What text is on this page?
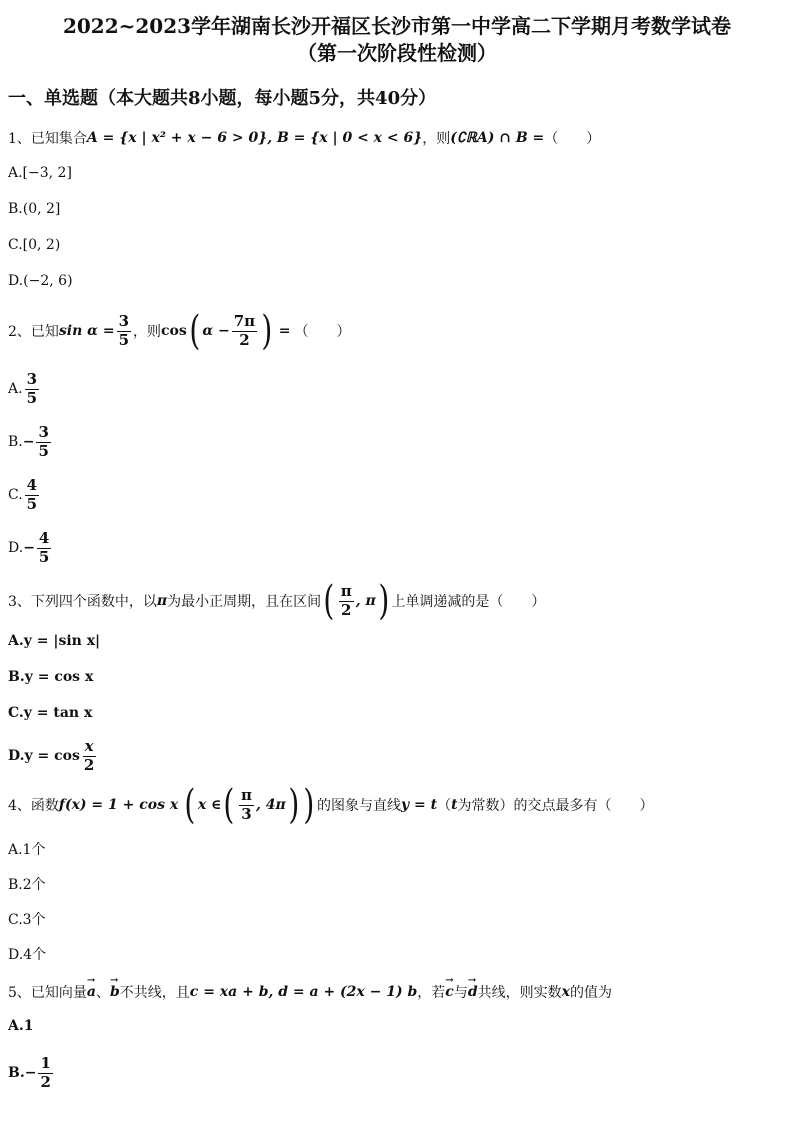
2022~2023学年湖南长沙开福区长沙市第一中学高二下学期月考数学试卷
（第一次阶段性检测）
一、单选题（本大题共8小题，每小题5分，共40分）
1、已知集合 A = {x | x² + x − 6 > 0} , B = {x | 0 < x < 6} ，则 (∁ℝA) ∩ B = （　　）
A.[−3, 2]
B.(0, 2]
C.[0, 2)
D.(−2, 6)
2、已知 $\sin \alpha = \frac{3}{5}$ ，则 cos ( $\alpha - \frac{7\pi}{2}$ ) = （　　）
A. $\frac{3}{5}$
B. − $\frac{3}{5}$
C. $\frac{4}{5}$
D. − $\frac{4}{5}$
3、下列四个函数中，以 π 为最小正周期，且在区间 ( $\frac{\pi}{2}$ , π ) 上单调递减的是（　　）
A.y = |sin x|
B.y = cos x
C.y = tan x
$D.y = \cos \frac{x}{2}$
4、函数 f(x) = 1 + cos x ( x ∈ ( $\frac{\pi}{3}$ , 4π ) ) 的图象与直线 y = t （ t 为常数）的交点最多有（　　）
A.1个
B.2个
C.3个
D.4个
5、已知向量 → a 、 → b 不共线，且 c = xa + b, d = a + (2x − 1) b ，若 → c 与 → d 共线，则实数 x 的值为
A.1
$B.- \frac{1}{2}$
